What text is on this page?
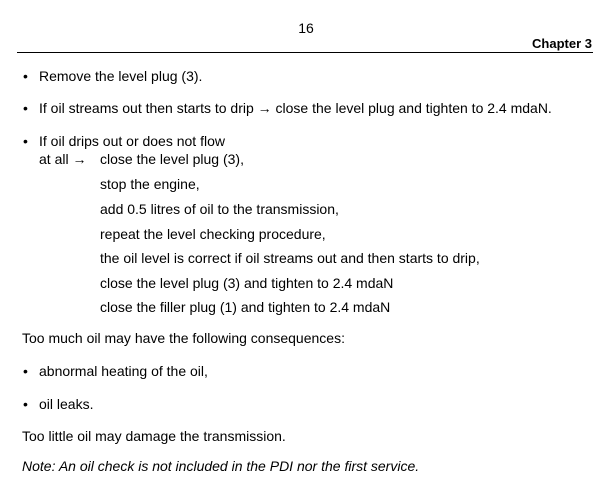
16
Chapter 3
• Remove the level plug (3).
• If oil streams out then starts to drip → close the level plug and tighten to 2.4 mdaN.
• If oil drips out or does not flow
at all → close the level plug (3),
stop the engine,
add 0.5 litres of oil to the transmission,
repeat the level checking procedure,
the oil level is correct if oil streams out and then starts to drip,
close the level plug (3) and tighten to 2.4 mdaN
close the filler plug (1) and tighten to 2.4 mdaN
Too much oil may have the following consequences:
• abnormal heating of the oil,
• oil leaks.
Too little oil may damage the transmission.
Note: An oil check is not included in the PDI nor the first service.
